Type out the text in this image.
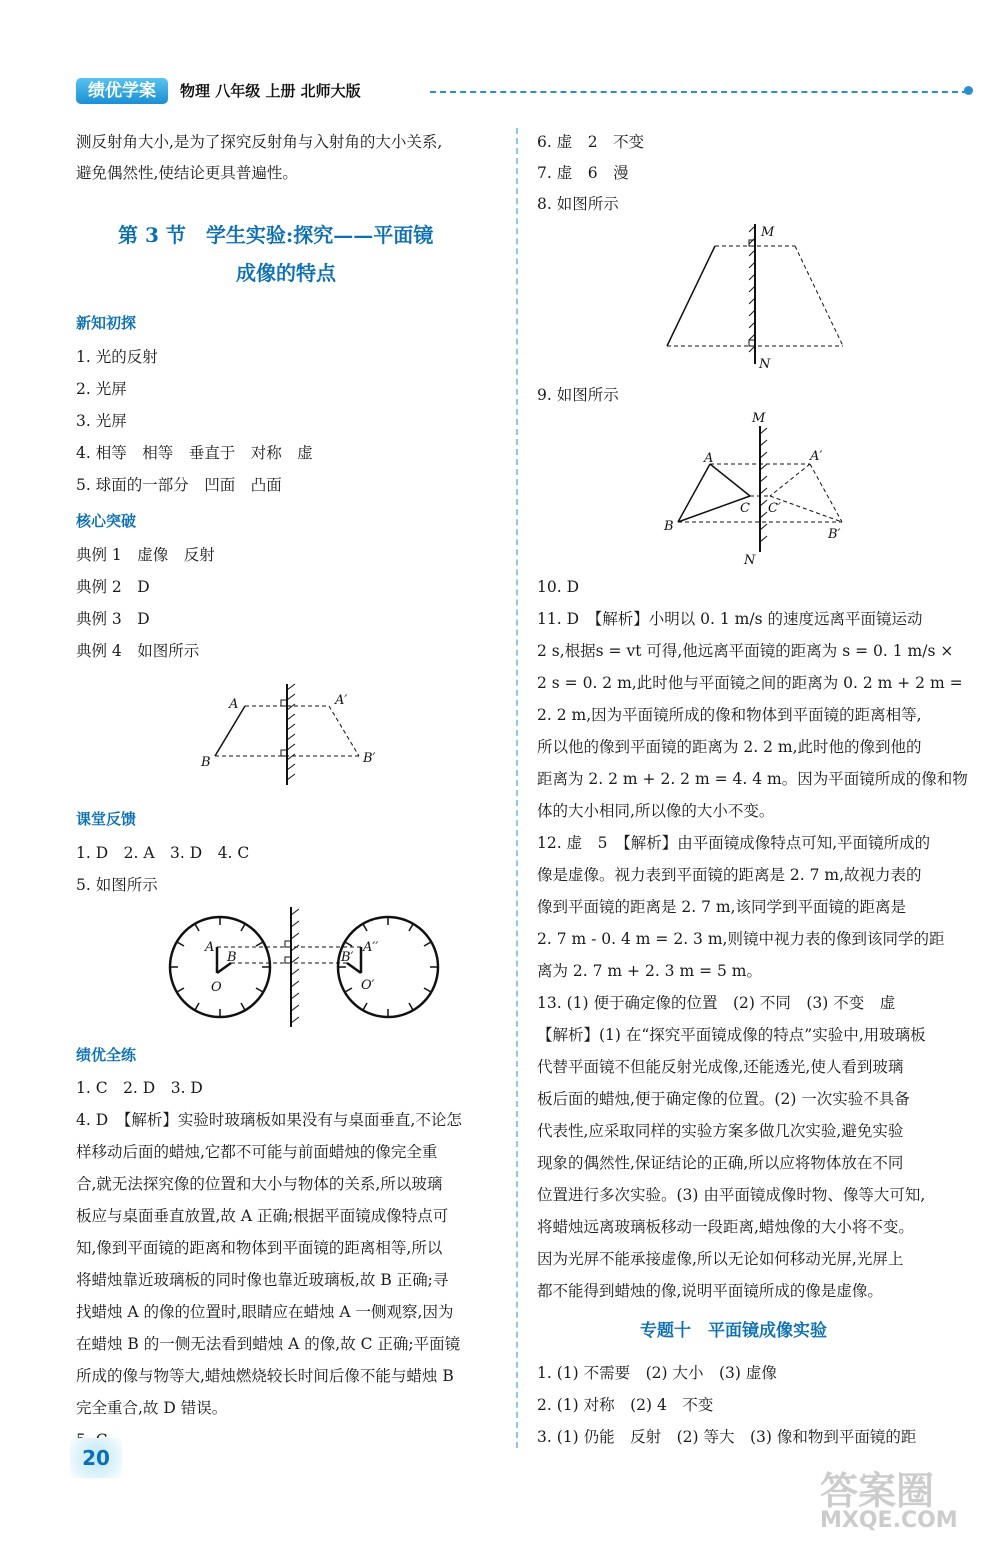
绩优学案	物理 八年级 上册 北师大版
测反射角大小,是为了探究反射角与入射角的大小关系,
避免偶然性,使结论更具普遍性。
第 3 节　学生实验:探究——平面镜
成像的特点
新知初探
1. 光的反射
2. 光屏
3. 光屏
4. 相等　相等　垂直于　对称　虚
5. 球面的一部分　凹面　凸面
核心突破
典例 1　虚像　反射
典例 2　D
典例 3　D
典例 4　如图所示
A	A′
B	B′
课堂反馈
1. D　2. A　3. D　4. C
5. 如图所示
A
B
O
A′′
B′
O′
绩优全练
1. C　2. D　3. D
4. D　【解析】实验时玻璃板如果没有与桌面垂直,不论怎
样移动后面的蜡烛,它都不可能与前面蜡烛的像完全重
合,就无法探究像的位置和大小与物体的关系,所以玻璃
板应与桌面垂直放置,故 A 正确;根据平面镜成像特点可
知,像到平面镜的距离和物体到平面镜的距离相等,所以
将蜡烛靠近玻璃板的同时像也靠近玻璃板,故 B 正确;寻
找蜡烛 A 的像的位置时,眼睛应在蜡烛 A 一侧观察,因为
在蜡烛 B 的一侧无法看到蜡烛 A 的像,故 C 正确;平面镜
所成的像与物等大,蜡烛燃烧较长时间后像不能与蜡烛 B
完全重合,故 D 错误。
6. 虚　2　不变
7. 虚　6　漫
8. 如图所示
M
N
9. 如图所示
M
N
A	A′
B
B′
C C′
10. D
11. D　【解析】小明以 0. 1 m/s 的速度远离平面镜运动
2 s,根据s = vt 可得,他远离平面镜的距离为 s = 0. 1 m/s ×
2 s = 0. 2 m,此时他与平面镜之间的距离为 0. 2 m + 2 m =
2. 2 m,因为平面镜所成的像和物体到平面镜的距离相等,
所以他的像到平面镜的距离为 2. 2 m,此时他的像到他的
距离为 2. 2 m + 2. 2 m = 4. 4 m。因为平面镜所成的像和物
体的大小相同,所以像的大小不变。
12. 虚　5　【解析】由平面镜成像特点可知,平面镜所成的
像是虚像。视力表到平面镜的距离是 2. 7 m,故视力表的
像到平面镜的距离是 2. 7 m,该同学到平面镜的距离是
2. 7 m - 0. 4 m = 2. 3 m,则镜中视力表的像到该同学的距
离为 2. 7 m + 2. 3 m = 5 m。
13. (1) 便于确定像的位置　(2) 不同　(3) 不变　虚
【解析】(1) 在“探究平面镜成像的特点”实验中,用玻璃板
代替平面镜不但能反射光成像,还能透光,使人看到玻璃
板后面的蜡烛,便于确定像的位置。(2) 一次实验不具备
代表性,应采取同样的实验方案多做几次实验,避免实验
现象的偶然性,保证结论的正确,所以应将物体放在不同
位置进行多次实验。(3) 由平面镜成像时物、像等大可知,
将蜡烛远离玻璃板移动一段距离,蜡烛像的大小将不变。
因为光屏不能承接虚像,所以无论如何移动光屏,光屏上
都不能得到蜡烛的像,说明平面镜所成的像是虚像。
专题十　平面镜成像实验
1. (1) 不需要　(2) 大小　(3) 虚像
2. (1) 对称　(2) 4　不变
3. (1) 仍能　反射　(2) 等大　(3) 像和物到平面镜的距
20
答案圈
MXQE.COM
